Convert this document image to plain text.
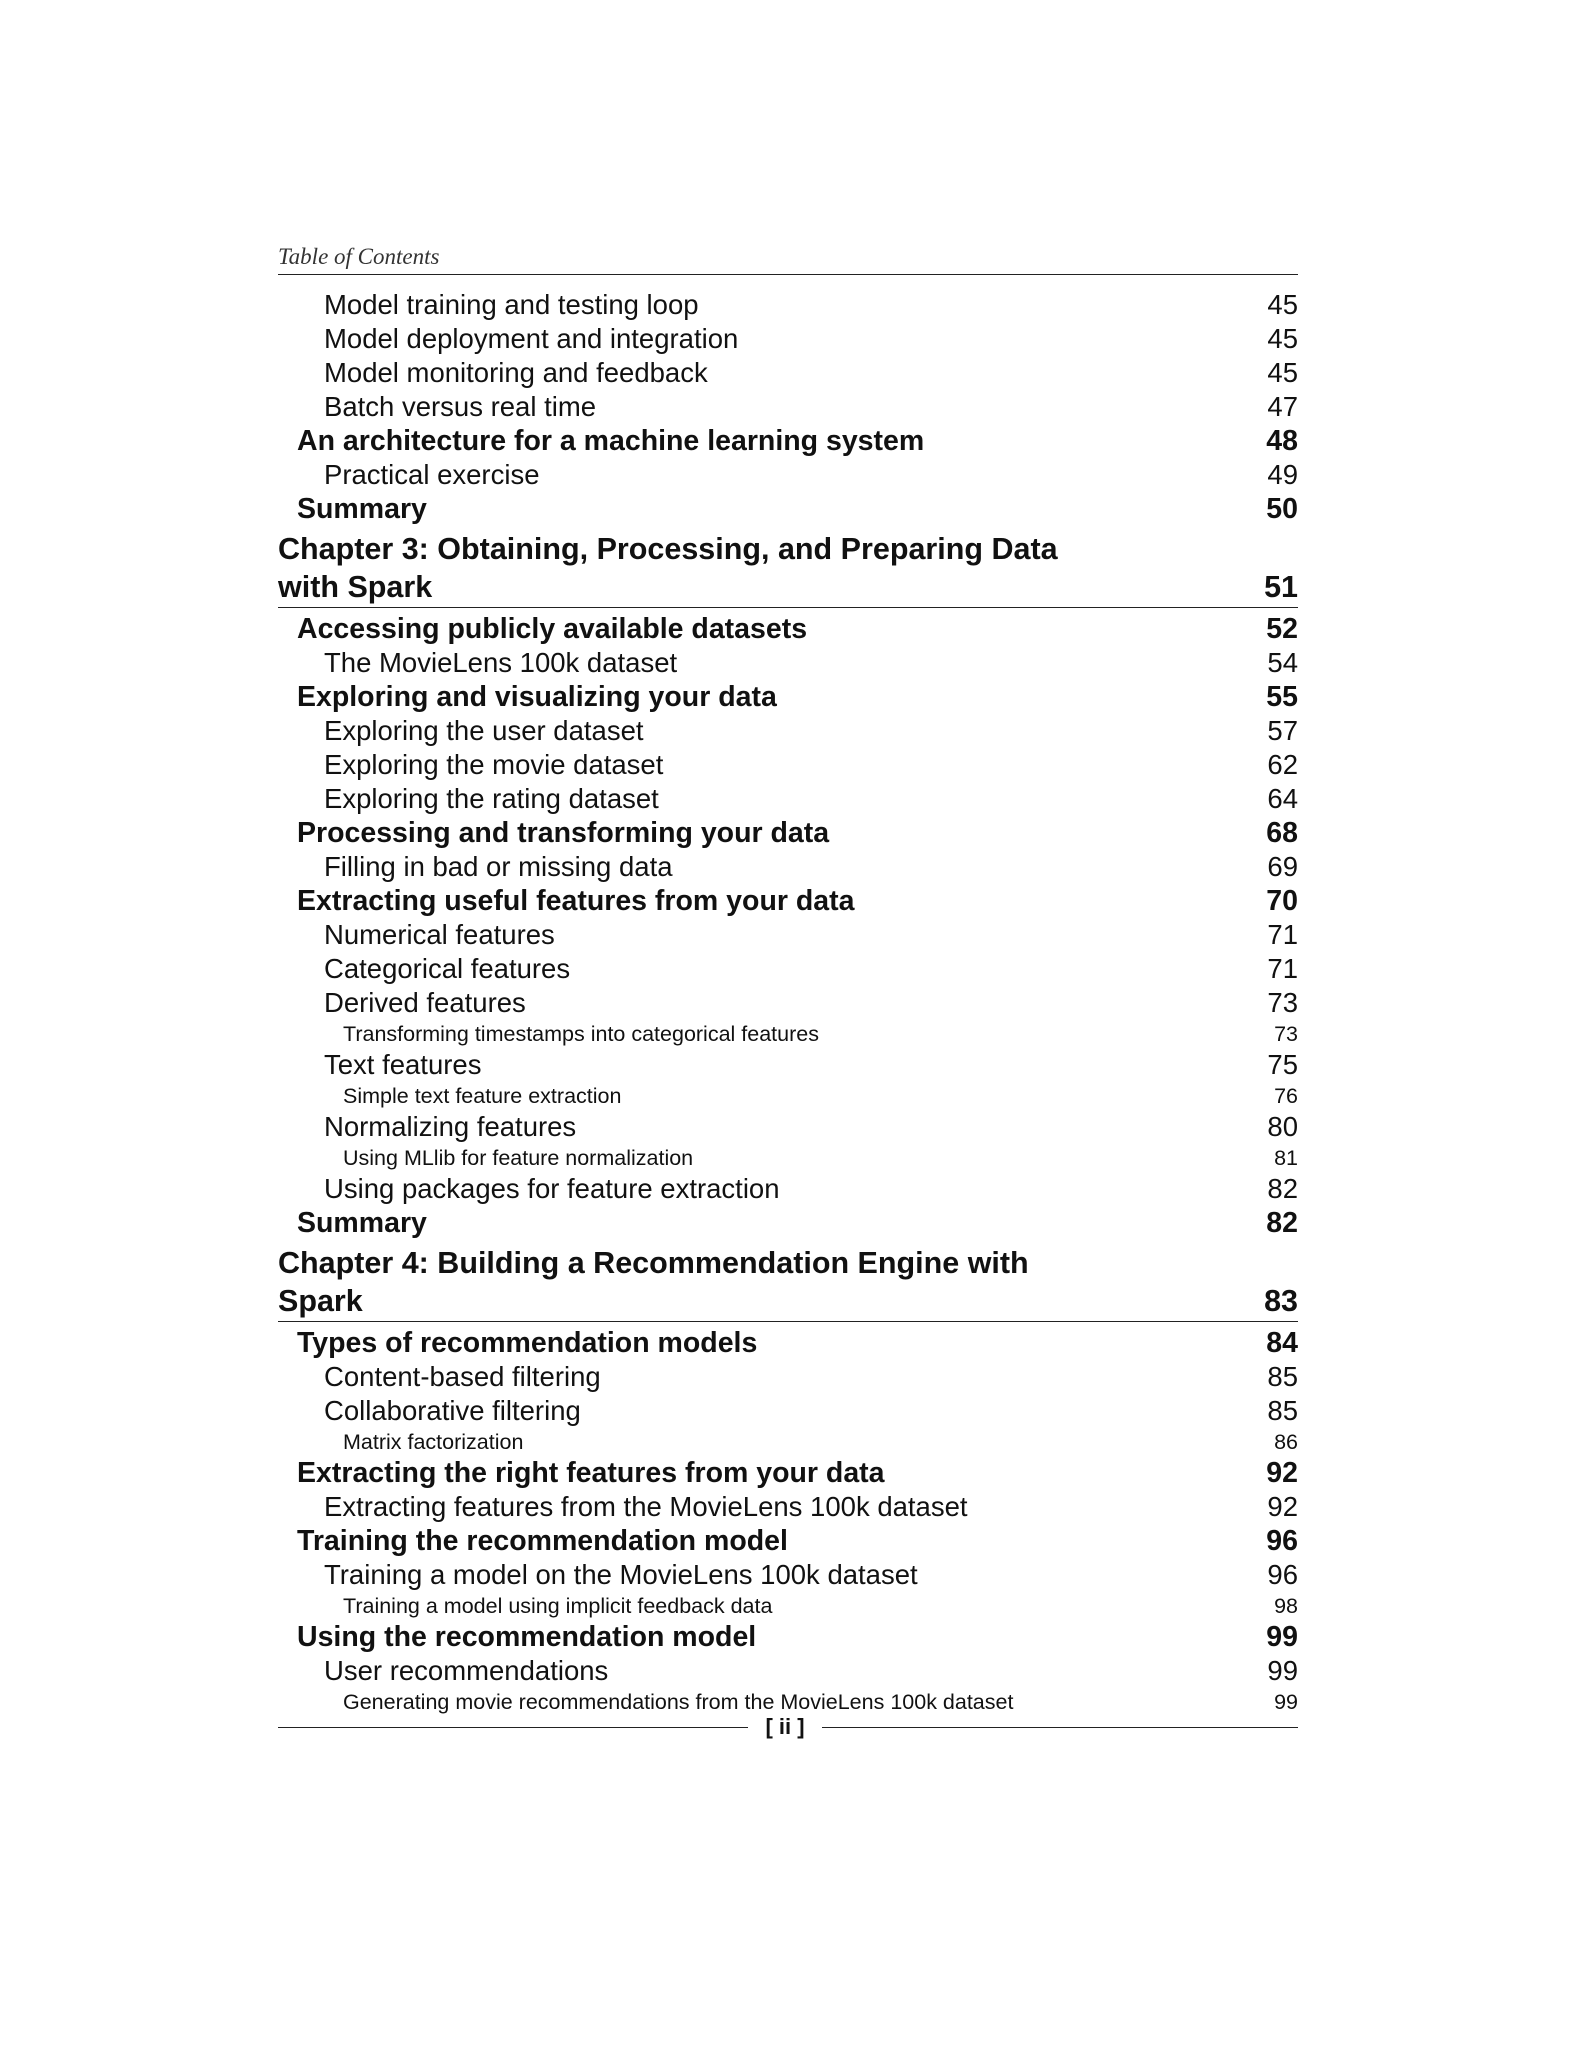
Table of Contents
Model training and testing loop	45
Model deployment and integration	45
Model monitoring and feedback	45
Batch versus real time	47
An architecture for a machine learning system	48
Practical exercise	49
Summary	50
Chapter 3: Obtaining, Processing, and Preparing Data with Spark	51
Accessing publicly available datasets	52
The MovieLens 100k dataset	54
Exploring and visualizing your data	55
Exploring the user dataset	57
Exploring the movie dataset	62
Exploring the rating dataset	64
Processing and transforming your data	68
Filling in bad or missing data	69
Extracting useful features from your data	70
Numerical features	71
Categorical features	71
Derived features	73
Transforming timestamps into categorical features	73
Text features	75
Simple text feature extraction	76
Normalizing features	80
Using MLlib for feature normalization	81
Using packages for feature extraction	82
Summary	82
Chapter 4: Building a Recommendation Engine with Spark	83
Types of recommendation models	84
Content-based filtering	85
Collaborative filtering	85
Matrix factorization	86
Extracting the right features from your data	92
Extracting features from the MovieLens 100k dataset	92
Training the recommendation model	96
Training a model on the MovieLens 100k dataset	96
Training a model using implicit feedback data	98
Using the recommendation model	99
User recommendations	99
Generating movie recommendations from the MovieLens 100k dataset	99
[ ii ]
